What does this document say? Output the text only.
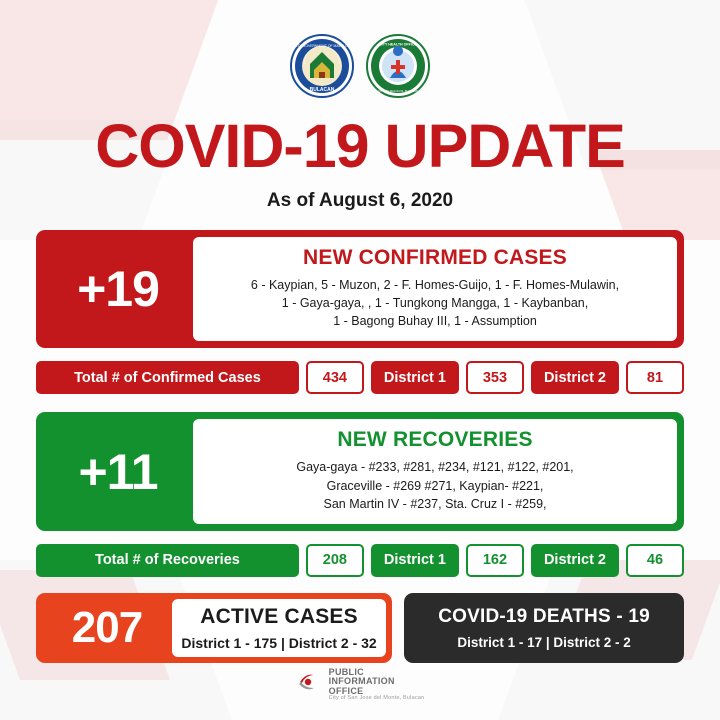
CITY GOVERNMENT OF MALOLOS
BULACAN
CITY HEALTH OFFICE
CITY OF MALOLOS, BULACAN
COVID-19 UPDATE
As of August 6, 2020
+19
NEW CONFIRMED CASES
6 - Kaypian, 5 - Muzon, 2 - F. Homes-Guijo, 1 - F. Homes-Mulawin,
1 - Gaya-gaya, , 1 - Tungkong Mangga, 1 - Kaybanban,
1 - Bagong Buhay III, 1 - Assumption
Total # of Confirmed Cases	434	District 1	353	District 2	81
+11
NEW RECOVERIES
Gaya-gaya - #233, #281, #234, #121, #122, #201,
Graceville - #269 #271, Kaypian- #221,
San Martin IV - #237, Sta. Cruz I - #259,
Total # of Recoveries	208	District 1	162	District 2	46
207	ACTIVE CASES
District 1 - 175 | District 2 - 32
COVID-19 DEATHS - 19
District 1 - 17 | District 2 - 2
PUBLIC
INFORMATION
OFFICE
City of San Jose del Monte, Bulacan
